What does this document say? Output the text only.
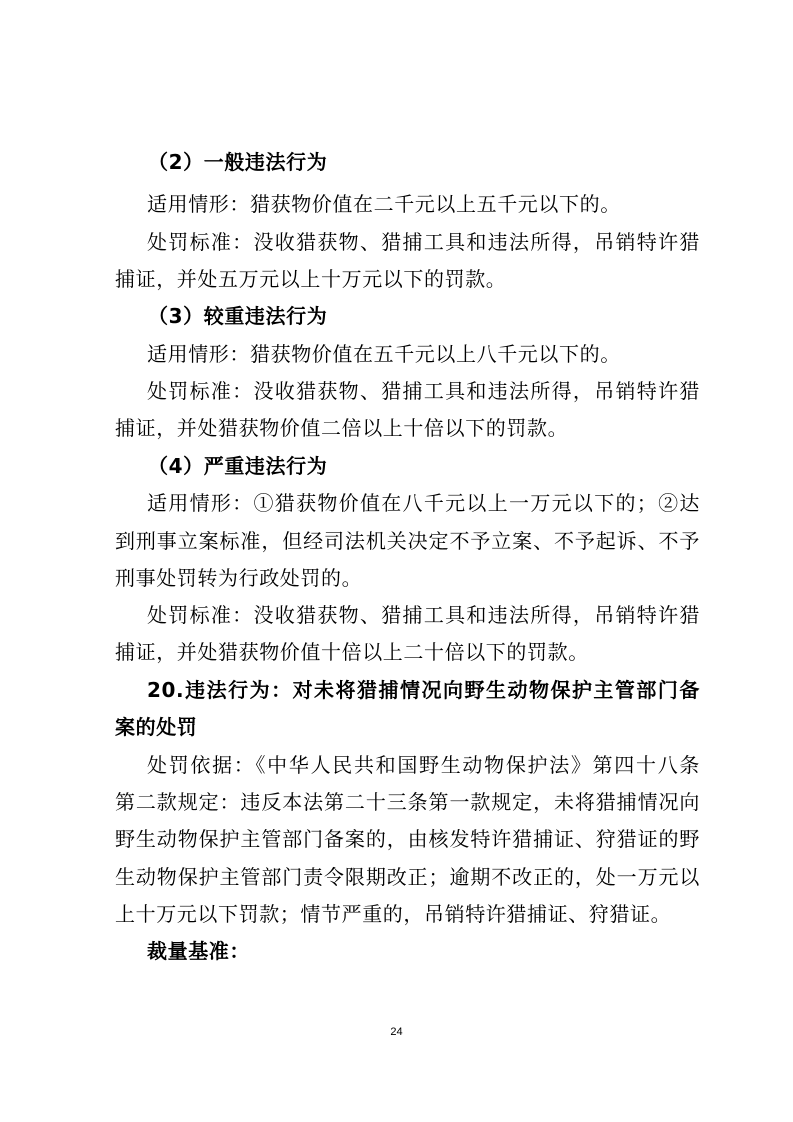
（2）一般违法行为
适用情形：猎获物价值在二千元以上五千元以下的。
处罚标准：没收猎获物、猎捕工具和违法所得，吊销特许猎
捕证，并处五万元以上十万元以下的罚款。
（3）较重违法行为
适用情形：猎获物价值在五千元以上八千元以下的。
处罚标准：没收猎获物、猎捕工具和违法所得，吊销特许猎
捕证，并处猎获物价值二倍以上十倍以下的罚款。
（4）严重违法行为
适用情形：①猎获物价值在八千元以上一万元以下的；②达
到刑事立案标准，但经司法机关决定不予立案、不予起诉、不予
刑事处罚转为行政处罚的。
处罚标准：没收猎获物、猎捕工具和违法所得，吊销特许猎
捕证，并处猎获物价值十倍以上二十倍以下的罚款。
20.违法行为：对未将猎捕情况向野生动物保护主管部门备
案的处罚
处罚依据：《中华人民共和国野生动物保护法》第四十八条
第二款规定：违反本法第二十三条第一款规定，未将猎捕情况向
野生动物保护主管部门备案的，由核发特许猎捕证、狩猎证的野
生动物保护主管部门责令限期改正；逾期不改正的，处一万元以
上十万元以下罚款；情节严重的，吊销特许猎捕证、狩猎证。
裁量基准：
24
